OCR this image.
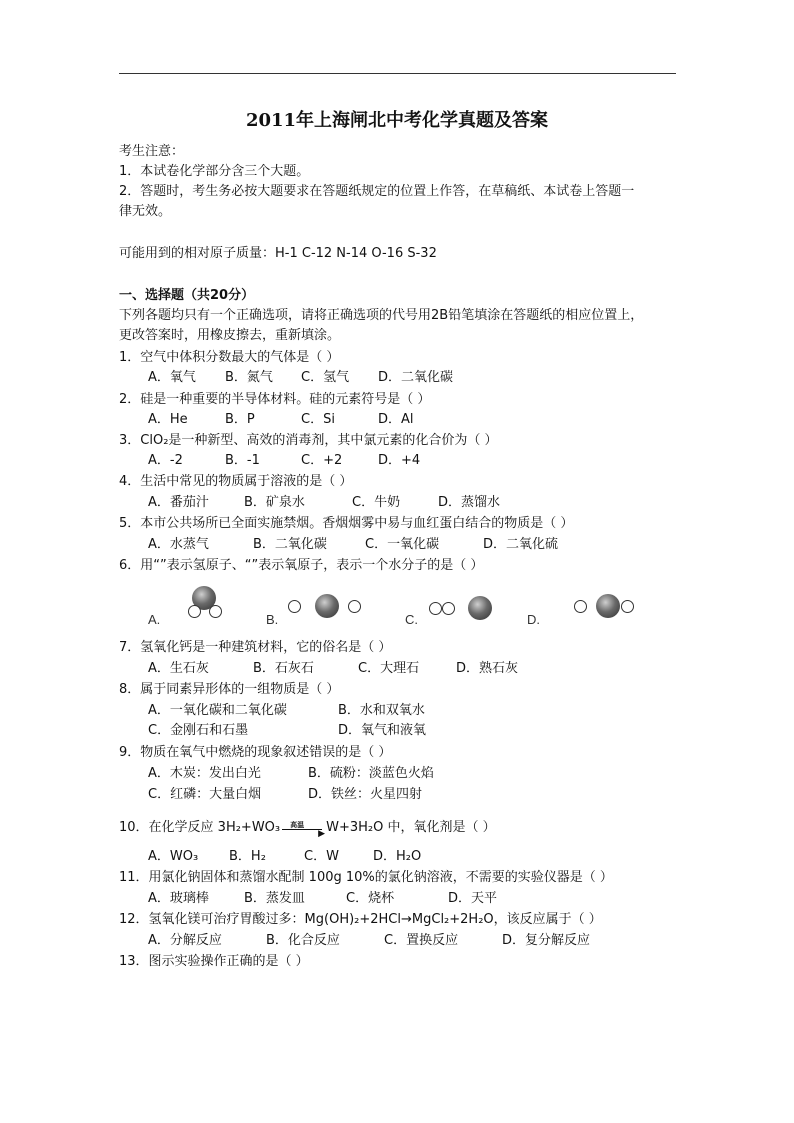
2011年上海闸北中考化学真题及答案
考生注意：
1．本试卷化学部分含三个大题。
2．答题时，考生务必按大题要求在答题纸规定的位置上作答，在草稿纸、本试卷上答题一
律无效。
可能用到的相对原子质量：H-1 C-12 N-14 O-16 S-32
一、选择题（共20分）
下列各题均只有一个正确选项，请将正确选项的代号用2B铅笔填涂在答题纸的相应位置上，
更改答案时，用橡皮擦去，重新填涂。
1．空气中体积分数最大的气体是（ ）
A．氧气 B．氮气 C．氢气 D．二氧化碳
2．硅是一种重要的半导体材料。硅的元素符号是（ ）
A．He	B．P	C．Si	D．Al
3．ClO₂是一种新型、高效的消毒剂，其中氯元素的化合价为（ ）
A．-2	B．-1	C．+2	D．+4
4．生活中常见的物质属于溶液的是（ ）
A．番茄汁	B．矿泉水	C．牛奶	D．蒸馏水
5．本市公共场所已全面实施禁烟。香烟烟雾中易与血红蛋白结合的物质是（ ）
A．水蒸气	B．二氧化碳	C．一氧化碳	D．二氧化硫
6．用“”表示氢原子、“”表示氧原子，表示一个水分子的是（ ）
A.	B.	C.	D.
7．氢氧化钙是一种建筑材料，它的俗名是（ ）
A．生石灰	B．石灰石	C．大理石	D．熟石灰
8．属于同素异形体的一组物质是（ ）
A．一氧化碳和二氧化碳	B．水和双氧水
C．金刚石和石墨	D．氧气和液氧
9．物质在氧气中燃烧的现象叙述错误的是（ ）
A．木炭：发出白光	B．硫粉：淡蓝色火焰
C．红磷：大量白烟	D．铁丝：火星四射
10．在化学反应 3H₂+WO₃ 高温
▶ W+3H₂O 中，氧化剂是（ ）
A．WO₃ B．H₂	C．W	D．H₂O
11．用氯化钠固体和蒸馏水配制 100g 10%的氯化钠溶液，不需要的实验仪器是（ ）
A．玻璃棒	B．蒸发皿	C．烧杯	D．天平
12．氢氧化镁可治疗胃酸过多：Mg(OH)₂+2HCl→MgCl₂+2H₂O，该反应属于（ ）
A．分解反应	B．化合反应	C．置换反应	D．复分解反应
13．图示实验操作正确的是（ ）
